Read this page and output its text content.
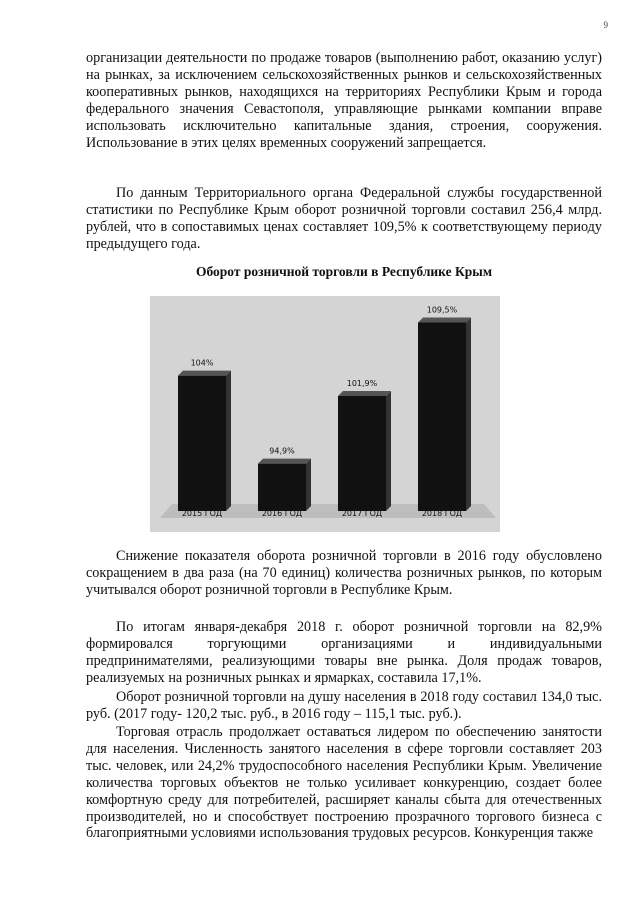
9

организации деятельности по продаже товаров (выполнению работ, оказанию услуг) на рынках, за исключением сельскохозяйственных рынков и сельскохозяйственных кооперативных рынков, находящихся на территориях Республики Крым и города федерального значения Севастополя, управляющие рынками компании вправе использовать исключительно капитальные здания, строения, сооружения. Использование в этих целях временных сооружений запрещается.

По данным Территориального органа Федеральной службы государственной статистики по Республике Крым оборот розничной торговли составил 256,4 млрд. рублей, что в сопоставимых ценах составляет 109,5% к соответствующему периоду предыдущего года.

Оборот розничной торговли в Республике Крым
104%
94,9%
101,9%
109,5%
2015 ГОД	2016 ГОД	2017 ГОД	2018 ГОД

Снижение показателя оборота розничной торговли в 2016 году обусловлено сокращением в два раза (на 70 единиц) количества розничных рынков, по которым учитывался оборот розничной торговли в Республике Крым.

По итогам января-декабря 2018 г. оборот розничной торговли на 82,9% формировался торгующими организациями и индивидуальными предпринимателями, реализующими товары вне рынка. Доля продаж товаров, реализуемых на розничных рынках и ярмарках, составила 17,1%.

Оборот розничной торговли на душу населения в 2018 году составил 134,0 тыс. руб. (2017 году- 120,2 тыс. руб., в 2016 году – 115,1 тыс. руб.).

Торговая отрасль продолжает оставаться лидером по обеспечению занятости для населения. Численность занятого населения в сфере торговли составляет 203 тыс. человек, или 24,2% трудоспособного населения Республики Крым. Увеличение количества торговых объектов не только усиливает конкуренцию, создает более комфортную среду для потребителей, расширяет каналы сбыта для отечественных производителей, но и способствует построению прозрачного торгового бизнеса с благоприятными условиями использования трудовых ресурсов. Конкуренция также
